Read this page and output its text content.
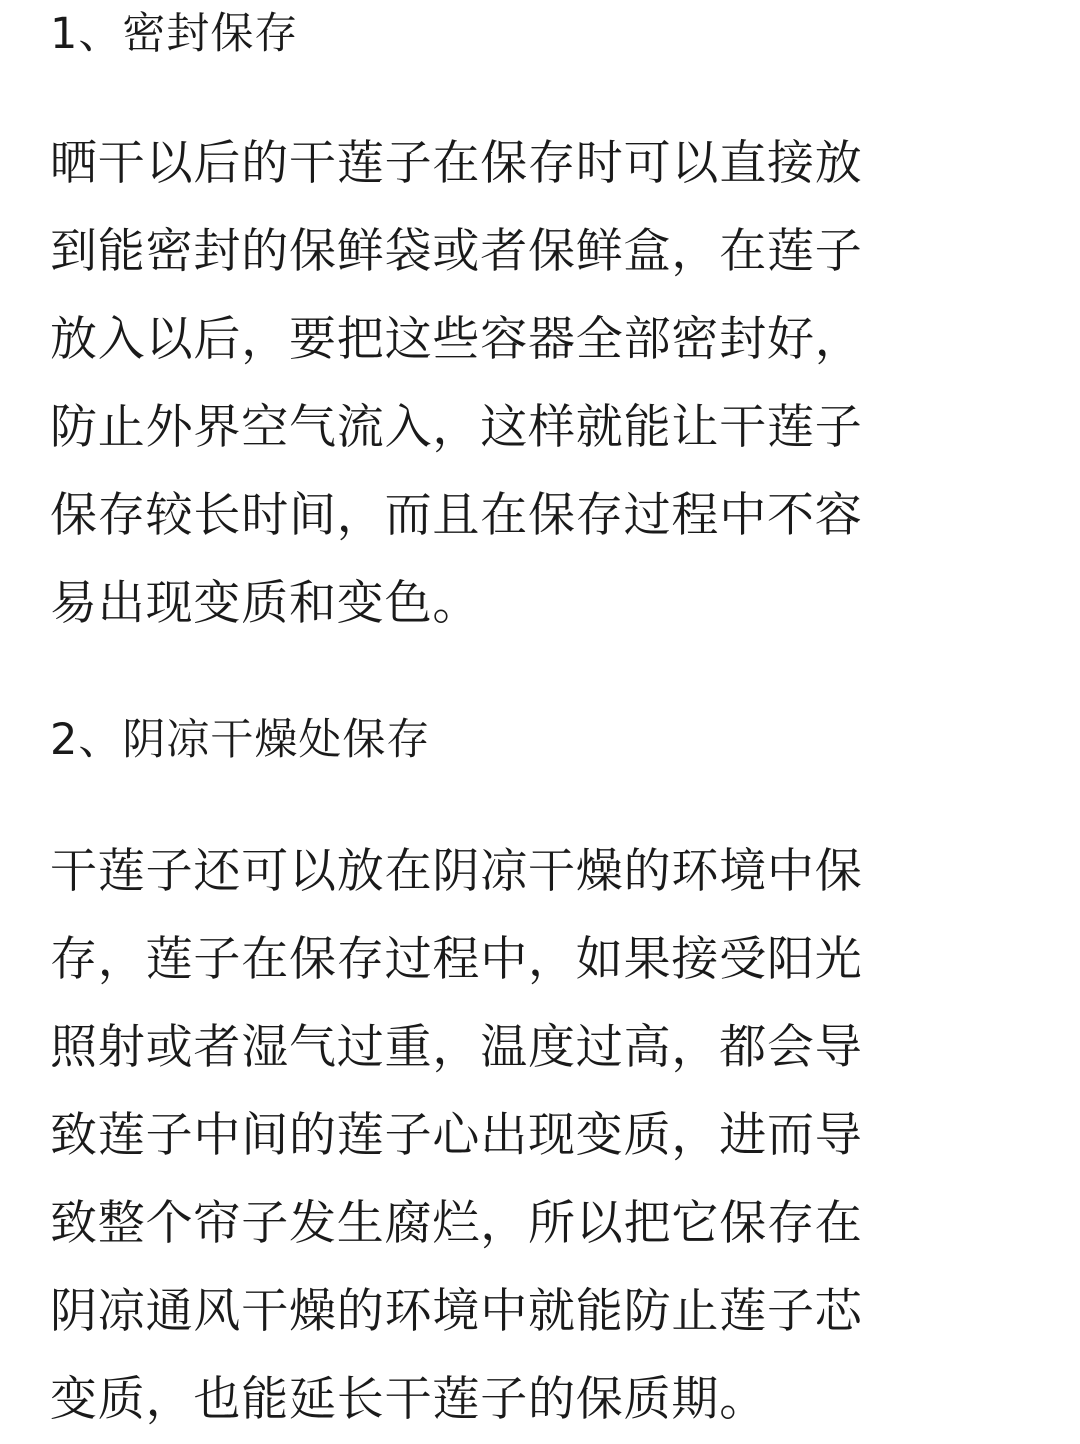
1、密封保存
晒干以后的干莲子在保存时可以直接放
到能密封的保鲜袋或者保鲜盒，在莲子
放入以后，要把这些容器全部密封好，
防止外界空气流入，这样就能让干莲子
保存较长时间，而且在保存过程中不容
易出现变质和变色。
2、阴凉干燥处保存
干莲子还可以放在阴凉干燥的环境中保
存，莲子在保存过程中，如果接受阳光
照射或者湿气过重，温度过高，都会导
致莲子中间的莲子心出现变质，进而导
致整个帘子发生腐烂，所以把它保存在
阴凉通风干燥的环境中就能防止莲子芯
变质，也能延长干莲子的保质期。
